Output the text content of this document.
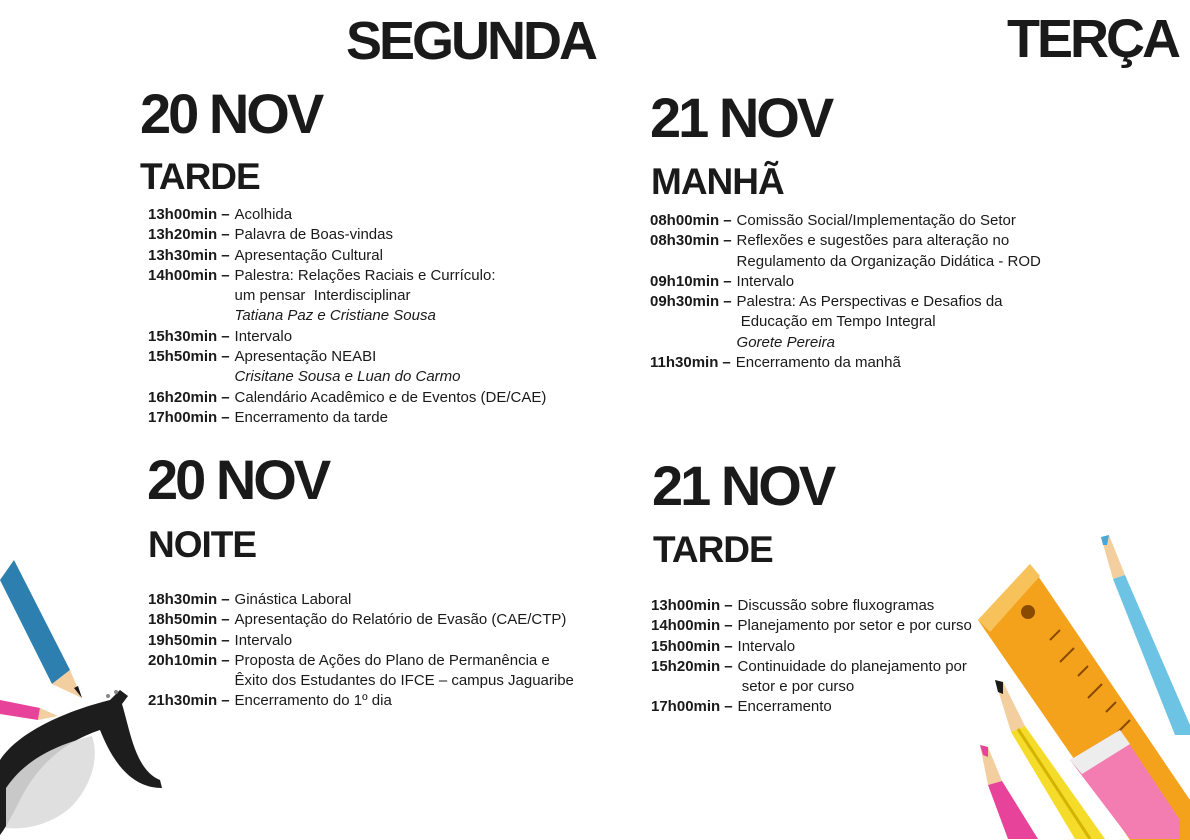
SEGUNDA	TERÇA
20 NOV
TARDE
13h00min – Acolhida
13h20min – Palavra de Boas-vindas
13h30min – Apresentação Cultural
14h00min – Palestra: Relações Raciais e Currículo:
um pensar  Interdisciplinar
Tatiana Paz e Cristiane Sousa
15h30min – Intervalo
15h50min – Apresentação NEABI
Crisitane Sousa e Luan do Carmo
16h20min – Calendário Acadêmico e de Eventos (DE/CAE)
17h00min – Encerramento da tarde
20 NOV
NOITE
18h30min – Ginástica Laboral
18h50min – Apresentação do Relatório de Evasão (CAE/CTP)
19h50min – Intervalo
20h10min – Proposta de Ações do Plano de Permanência e
Êxito dos Estudantes do IFCE – campus Jaguaribe
21h30min – Encerramento do 1º dia
21 NOV
MANHÃ
08h00min – Comissão Social/Implementação do Setor
08h30min – Reflexões e sugestões para alteração no
Regulamento da Organização Didática - ROD
09h10min – Intervalo
09h30min – Palestra: As Perspectivas e Desafios da
Educação em Tempo Integral
Gorete Pereira
11h30min – Encerramento da manhã
21 NOV
TARDE
13h00min – Discussão sobre fluxogramas
14h00min – Planejamento por setor e por curso
15h00min – Intervalo
15h20min – Continuidade do planejamento por
setor e por curso
17h00min – Encerramento
